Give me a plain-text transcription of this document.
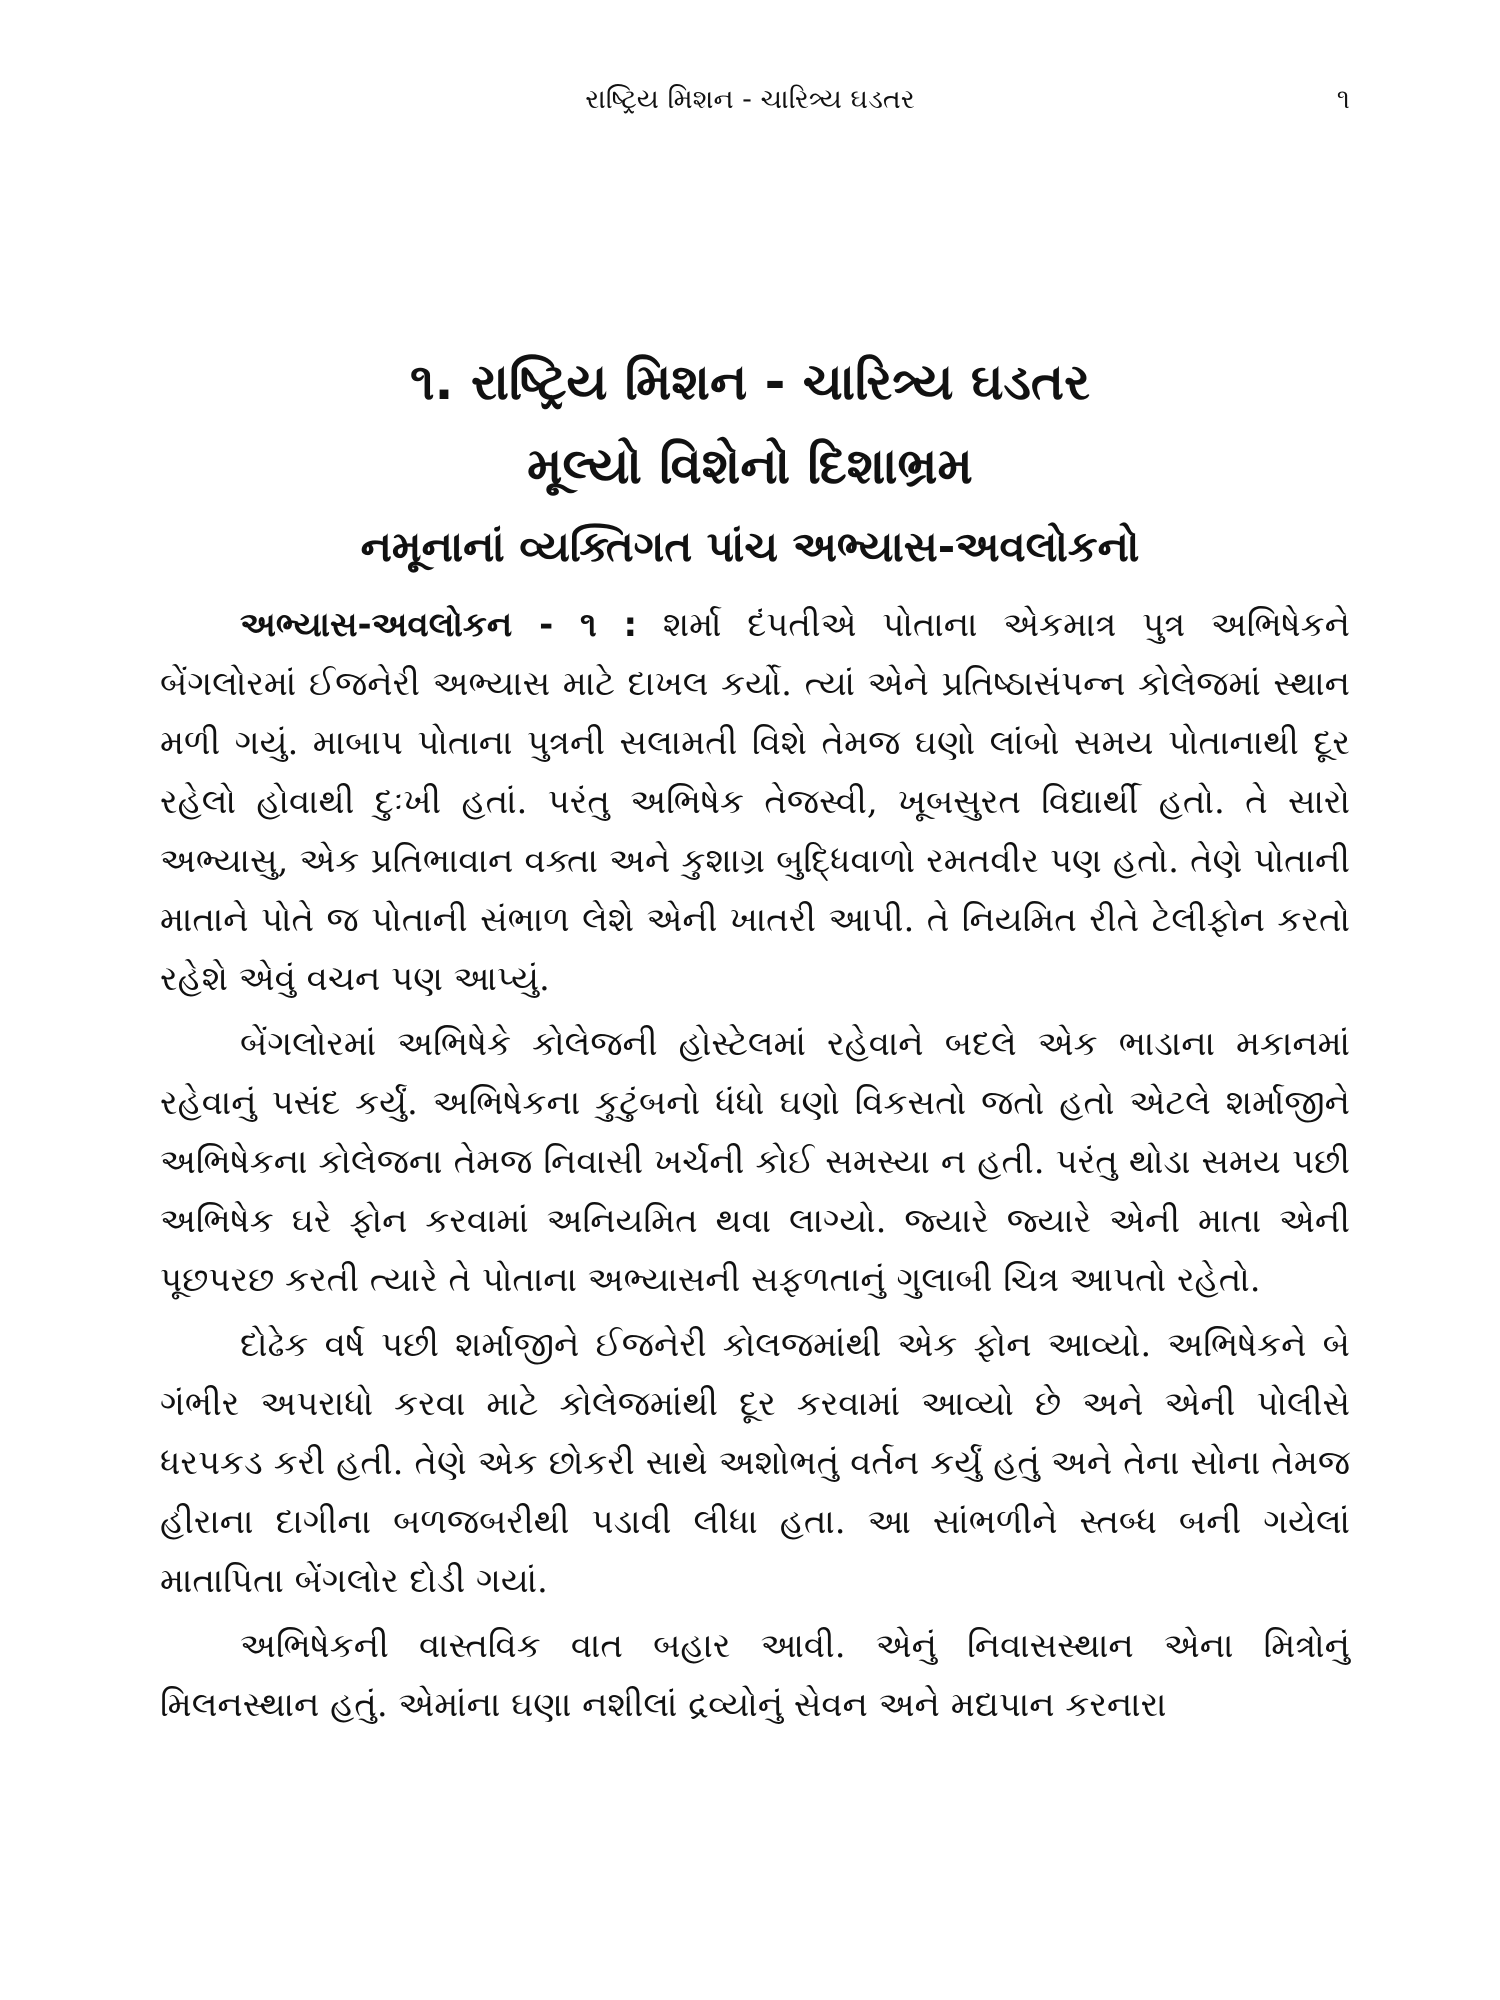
રાષ્ટ્રિય મિશન - ચારિત્ર્ય ઘડતર	૧
૧. રાષ્ટ્રિય મિશન - ચારિત્ર્ય ઘડતર
મૂલ્યો વિશેનો દિશાભ્રમ
નમૂનાનાં વ્યક્તિગત પાંચ અભ્યાસ-અવલોકનો

અભ્યાસ-અવલોકન - ૧ : શર્મા દંપતીએ પોતાના એકમાત્ર પુત્ર અભિષેકને બેંગલોરમાં ઈજનેરી અભ્યાસ માટે દાખલ કર્યો. ત્યાં એને પ્રતિષ્ઠાસંપન્ન કોલેજમાં સ્થાન મળી ગયું. માબાપ પોતાના પુત્રની સલામતી વિશે તેમજ ઘણો લાંબો સમય પોતાનાથી દૂર રહેલો હોવાથી દુઃખી હતાં. પરંતુ અભિષેક તેજસ્વી, ખૂબસુરત વિદ્યાર્થી હતો. તે સારો અભ્યાસુ, એક પ્રતિભાવાન વક્તા અને કુશાગ્ર બુદ્ધિવાળો રમતવીર પણ હતો. તેણે પોતાની માતાને પોતે જ પોતાની સંભાળ લેશે એની ખાતરી આપી. તે નિયમિત રીતે ટેલીફોન કરતો રહેશે એવું વચન પણ આપ્યું.

બેંગલોરમાં અભિષેકે કોલેજની હોસ્ટેલમાં રહેવાને બદલે એક ભાડાના મકાનમાં રહેવાનું પસંદ કર્યું. અભિષેકના કુટુંબનો ધંધો ઘણો વિકસતો જતો હતો એટલે શર્માજીને અભિષેકના કોલેજના તેમજ નિવાસી ખર્ચની કોઈ સમસ્યા ન હતી. પરંતુ થોડા સમય પછી અભિષેક ઘરે ફોન કરવામાં અનિયમિત થવા લાગ્યો. જ્યારે જ્યારે એની માતા એની પૂછપરછ કરતી ત્યારે તે પોતાના અભ્યાસની સફળતાનું ગુલાબી ચિત્ર આપતો રહેતો.

દોઢેક વર્ષ પછી શર્માજીને ઈજનેરી કોલજમાંથી એક ફોન આવ્યો. અભિષેકને બે ગંભીર અપરાધો કરવા માટે કોલેજમાંથી દૂર કરવામાં આવ્યો છે અને એની પોલીસે ધરપકડ કરી હતી. તેણે એક છોકરી સાથે અશોભતું વર્તન કર્યું હતું અને તેના સોના તેમજ હીરાના દાગીના બળજબરીથી પડાવી લીધા હતા. આ સાંભળીને સ્તબ્ધ બની ગયેલાં માતાપિતા બેંગલોર દોડી ગયાં.

અભિષેકની વાસ્તવિક વાત બહાર આવી. એનું નિવાસસ્થાન એના મિત્રોનું મિલનસ્થાન હતું. એમાંના ઘણા નશીલાં દ્રવ્યોનું સેવન અને મદ્યપાન કરનારા
